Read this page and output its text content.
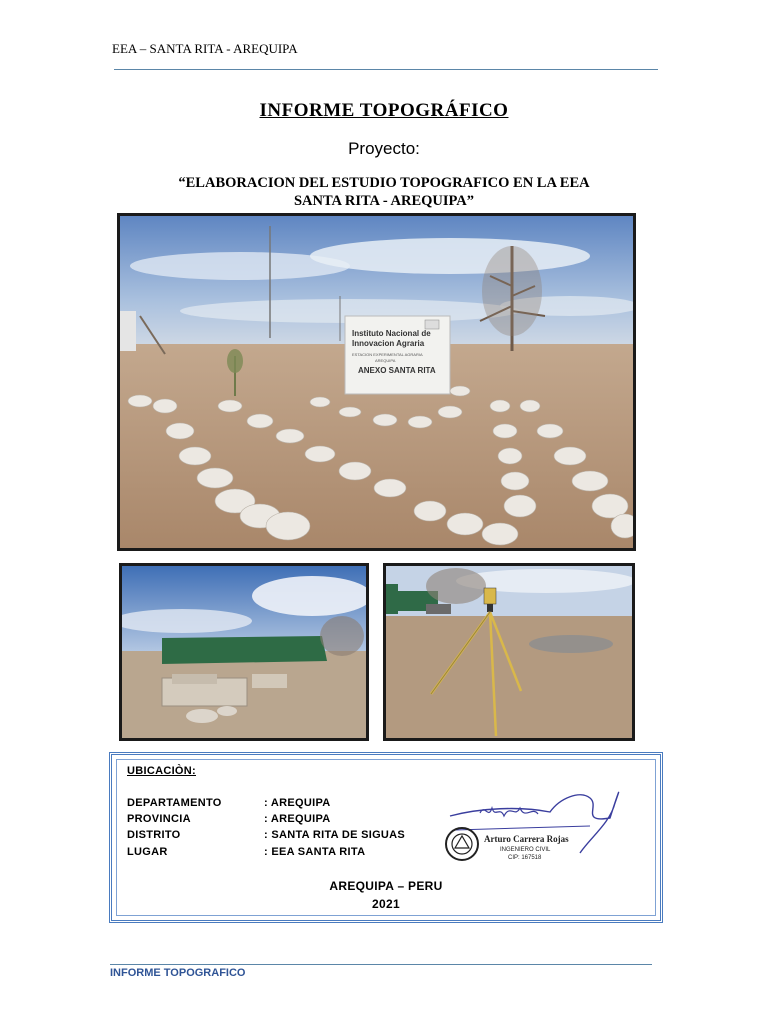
EEA – SANTA RITA - AREQUIPA
INFORME TOPOGRÁFICO
Proyecto:
“ELABORACION DEL ESTUDIO TOPOGRAFICO EN LA EEA
SANTA RITA - AREQUIPA”
Instituto Nacional de
Innovacion Agraria
ESTACION EXPERIMENTAL AGRARIA
AREQUIPA
ANEXO SANTA RITA
UBICACIÒN:
DEPARTAMENTO	: AREQUIPA
PROVINCIA	: AREQUIPA
DISTRITO	: SANTA RITA DE SIGUAS
LUGAR	: EEA SANTA RITA
AREQUIPA – PERU
2021
Arturo Carrera Rojas
INGENIERO CIVIL
CIP: 167518
INFORME TOPOGRAFICO
